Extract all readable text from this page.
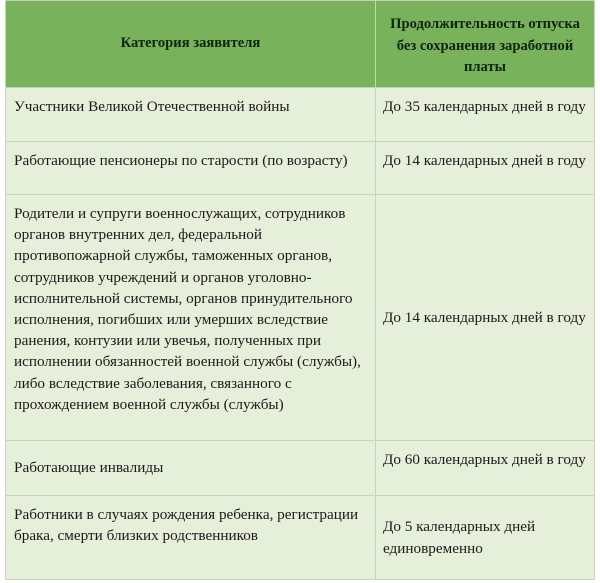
Категория заявителя	Продолжительность отпуска без сохранения заработной платы

Участники Великой Отечественной войны	До 35 календарных дней в году
Работающие пенсионеры по старости (по возрасту)	До 14 календарных дней в году
Родители и супруги военнослужащих, сотрудников органов внутренних дел, федеральной противопожарной службы, таможенных органов, сотрудников учреждений и органов уголовно-исполнительной системы, органов принудительного исполнения, погибших или умерших вследствие ранения, контузии или увечья, полученных при исполнении обязанностей военной службы (службы), либо вследствие заболевания, связанного с прохождением военной службы (службы)	До 14 календарных дней в году
Работающие инвалиды	До 60 календарных дней в году
Работники в случаях рождения ребенка, регистрации брака, смерти близких родственников	До 5 календарных дней единовременно
